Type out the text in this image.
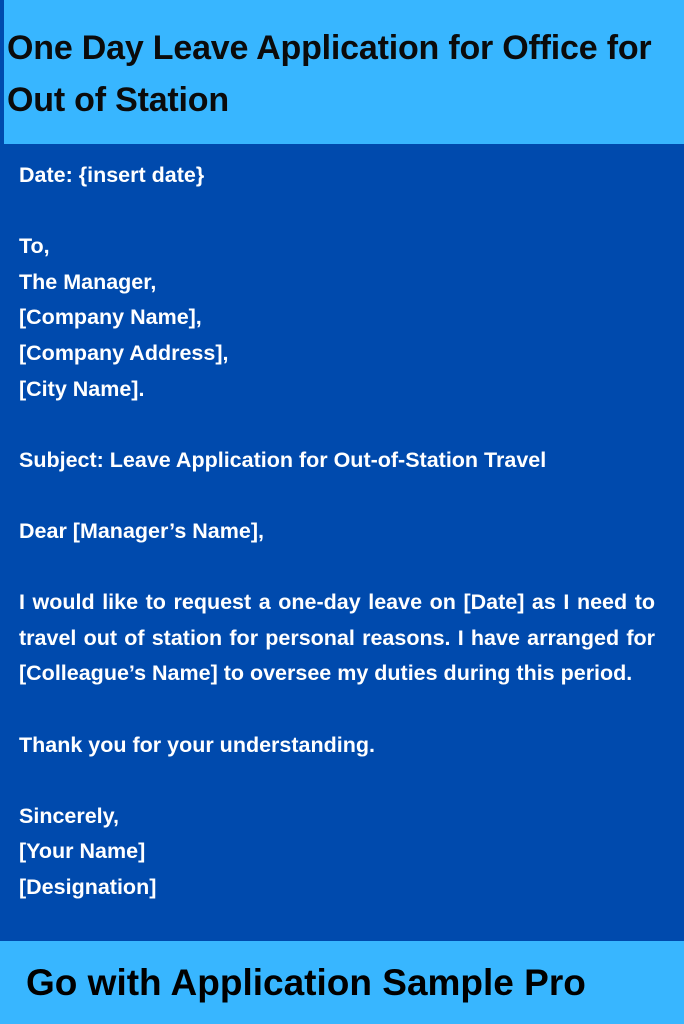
One Day Leave Application for Office for Out of Station
Date: {insert date}
To,
The Manager,
[Company Name],
[Company Address],
[City Name].
Subject: Leave Application for Out-of-Station Travel
Dear [Manager’s Name],
I would like to request a one-day leave on [Date] as I need to travel out of station for personal reasons. I have arranged for [Colleague’s Name] to oversee my duties during this period.
Thank you for your understanding.
Sincerely,
[Your Name]
[Designation]

Go with Application Sample Pro
